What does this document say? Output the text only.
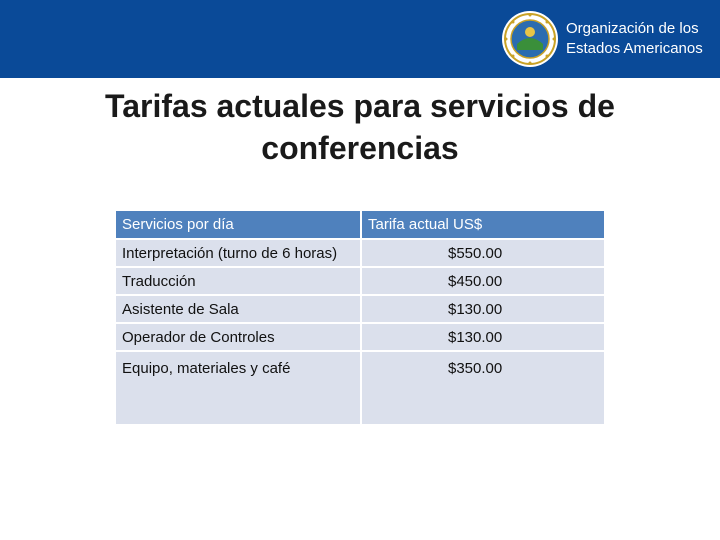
Organización de los
Estados Americanos
Tarifas actuales para servicios de
conferencias
Servicios por día	Tarifa actual US$
Interpretación (turno de 6 horas)	$550.00
Traducción	$450.00
Asistente de Sala	$130.00
Operador de Controles	$130.00
Equipo, materiales y café	$350.00
